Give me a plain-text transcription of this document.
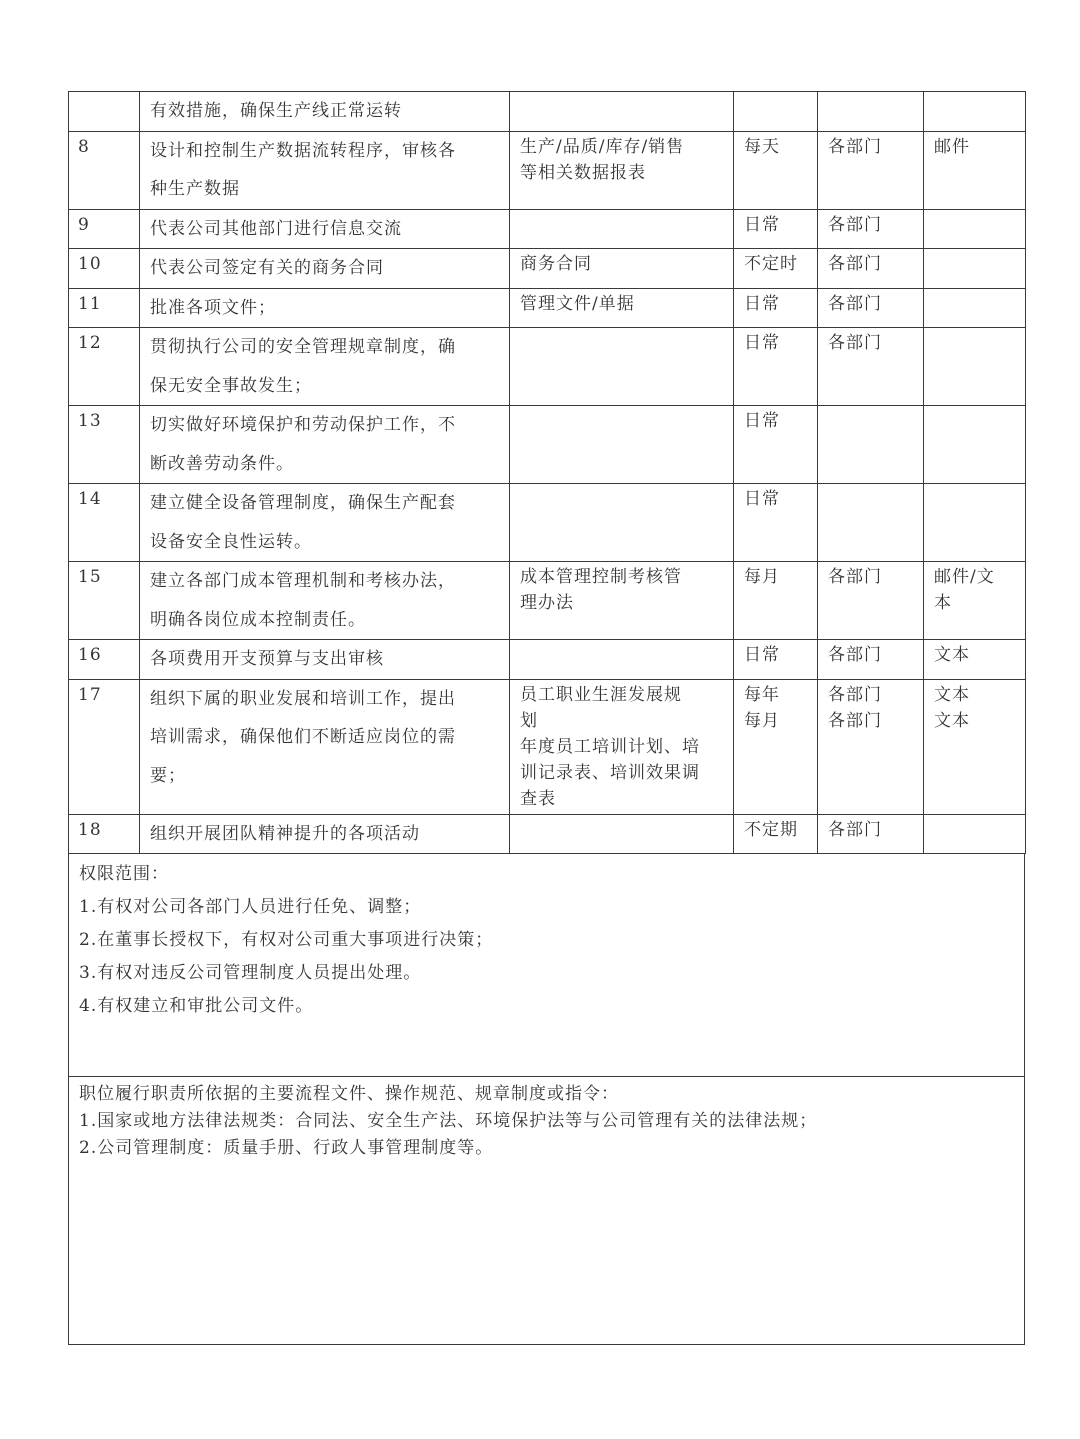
	有效措施，确保生产线正常运转				

8	设计和控制生产数据流转程序，审核各
种生产数据	生产/品质/库存/销售
等相关数据报表	每天	各部门	邮件

9	代表公司其他部门进行信息交流		日常	各部门	

10	代表公司签定有关的商务合同	商务合同	不定时	各部门	

11	批准各项文件；	管理文件/单据	日常	各部门	

12	贯彻执行公司的安全管理规章制度，确
保无安全事故发生；		日常	各部门	

13	切实做好环境保护和劳动保护工作，不
断改善劳动条件。		日常		

14	建立健全设备管理制度，确保生产配套
设备安全良性运转。		日常		

15	建立各部门成本管理机制和考核办法，
明确各岗位成本控制责任。	成本管理控制考核管
理办法	每月	各部门	邮件/文
本

16	各项费用开支预算与支出审核		日常	各部门	文本

17	组织下属的职业发展和培训工作，提出
培训需求，确保他们不断适应岗位的需
要；	员工职业生涯发展规
划
年度员工培训计划、培
训记录表、培训效果调
查表	每年
每月	各部门
各部门	文本
文本

18	组织开展团队精神提升的各项活动		不定期	各部门	

权限范围：
1.有权对公司各部门人员进行任免、调整；
2.在董事长授权下，有权对公司重大事项进行决策；
3.有权对违反公司管理制度人员提出处理。
4.有权建立和审批公司文件。
职位履行职责所依据的主要流程文件、操作规范、规章制度或指令：
1.国家或地方法律法规类：合同法、安全生产法、环境保护法等与公司管理有关的法律法规；
2.公司管理制度：质量手册、行政人事管理制度等。
